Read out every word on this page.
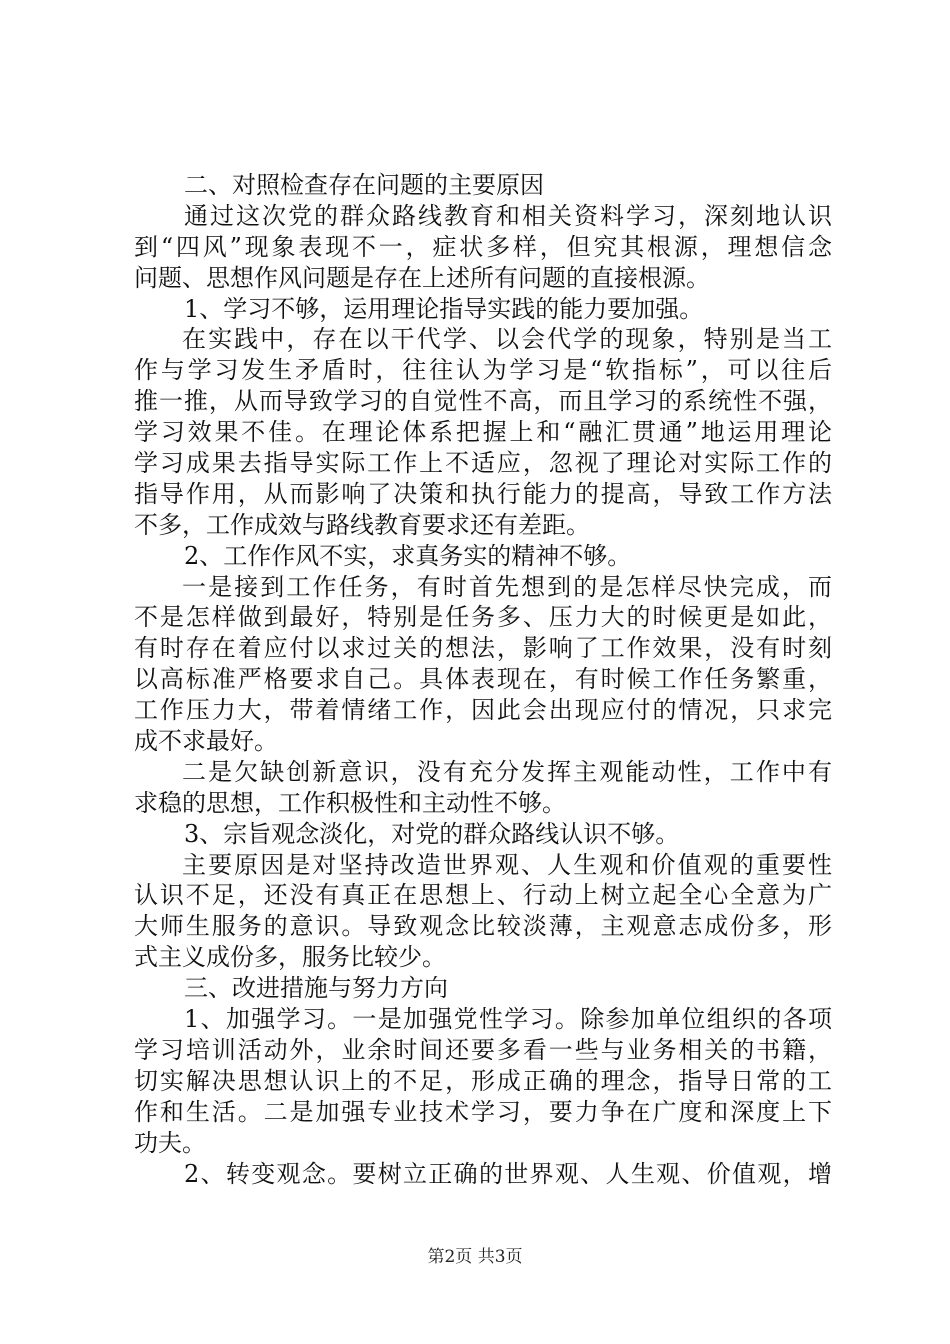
二、对照检查存在问题的主要原因
通过这次党的群众路线教育和相关资料学习，深刻地认识
到“四风”现象表现不一，症状多样，但究其根源，理想信念
问题、思想作风问题是存在上述所有问题的直接根源。
1、学习不够，运用理论指导实践的能力要加强。
在实践中，存在以干代学、以会代学的现象，特别是当工
作与学习发生矛盾时，往往认为学习是“软指标”，可以往后
推一推，从而导致学习的自觉性不高，而且学习的系统性不强，
学习效果不佳。在理论体系把握上和“融汇贯通”地运用理论
学习成果去指导实际工作上不适应，忽视了理论对实际工作的
指导作用，从而影响了决策和执行能力的提高，导致工作方法
不多，工作成效与路线教育要求还有差距。
2、工作作风不实，求真务实的精神不够。
一是接到工作任务，有时首先想到的是怎样尽快完成，而
不是怎样做到最好，特别是任务多、压力大的时候更是如此，
有时存在着应付以求过关的想法，影响了工作效果，没有时刻
以高标准严格要求自己。具体表现在，有时候工作任务繁重，
工作压力大，带着情绪工作，因此会出现应付的情况，只求完
成不求最好。
二是欠缺创新意识，没有充分发挥主观能动性，工作中有
求稳的思想，工作积极性和主动性不够。
3、宗旨观念淡化，对党的群众路线认识不够。
主要原因是对坚持改造世界观、人生观和价值观的重要性
认识不足，还没有真正在思想上、行动上树立起全心全意为广
大师生服务的意识。导致观念比较淡薄，主观意志成份多，形
式主义成份多，服务比较少。
三、改进措施与努力方向
1、加强学习。一是加强党性学习。除参加单位组织的各项
学习培训活动外，业余时间还要多看一些与业务相关的书籍，
切实解决思想认识上的不足，形成正确的理念，指导日常的工
作和生活。二是加强专业技术学习，要力争在广度和深度上下
功夫。
2、转变观念。要树立正确的世界观、人生观、价值观，增
第2页 共3页
